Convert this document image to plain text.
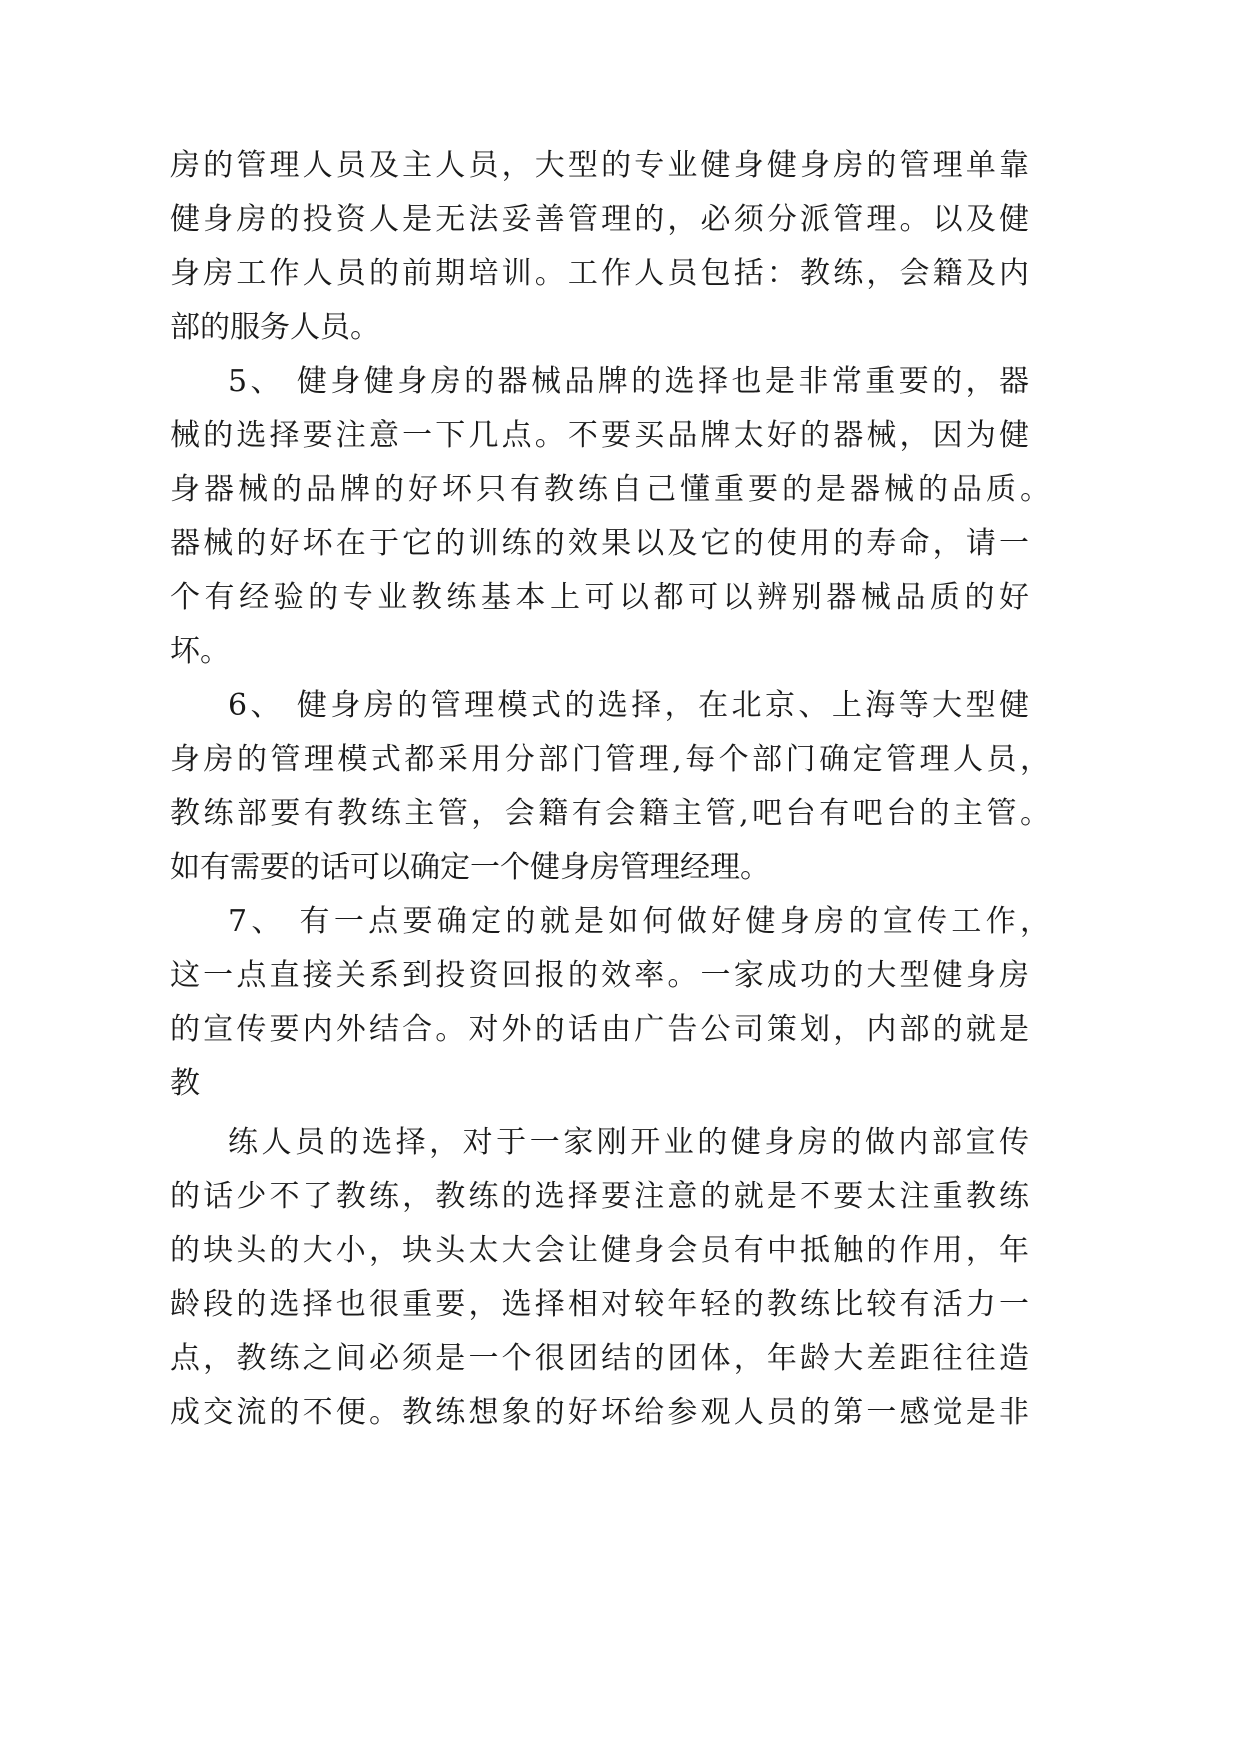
房的管理人员及主人员，大型的专业健身健身房的管理单靠
健身房的投资人是无法妥善管理的，必须分派管理。以及健
身房工作人员的前期培训。工作人员包括：教练，会籍及内
部的服务人员。
5、 健身健身房的器械品牌的选择也是非常重要的，器
械的选择要注意一下几点。不要买品牌太好的器械，因为健
身器械的品牌的好坏只有教练自己懂重要的是器械的品质。
器械的好坏在于它的训练的效果以及它的使用的寿命，请一
个有经验的专业教练基本上可以都可以辨别器械品质的好
坏。
6、 健身房的管理模式的选择，在北京、上海等大型健
身房的管理模式都采用分部门管理,每个部门确定管理人员，
教练部要有教练主管，会籍有会籍主管,吧台有吧台的主管。
如有需要的话可以确定一个健身房管理经理。
7、 有一点要确定的就是如何做好健身房的宣传工作，
这一点直接关系到投资回报的效率。一家成功的大型健身房
的宣传要内外结合。对外的话由广告公司策划，内部的就是
教
练人员的选择，对于一家刚开业的健身房的做内部宣传
的话少不了教练，教练的选择要注意的就是不要太注重教练
的块头的大小，块头太大会让健身会员有中抵触的作用，年
龄段的选择也很重要，选择相对较年轻的教练比较有活力一
点，教练之间必须是一个很团结的团体，年龄大差距往往造
成交流的不便。教练想象的好坏给参观人员的第一感觉是非
